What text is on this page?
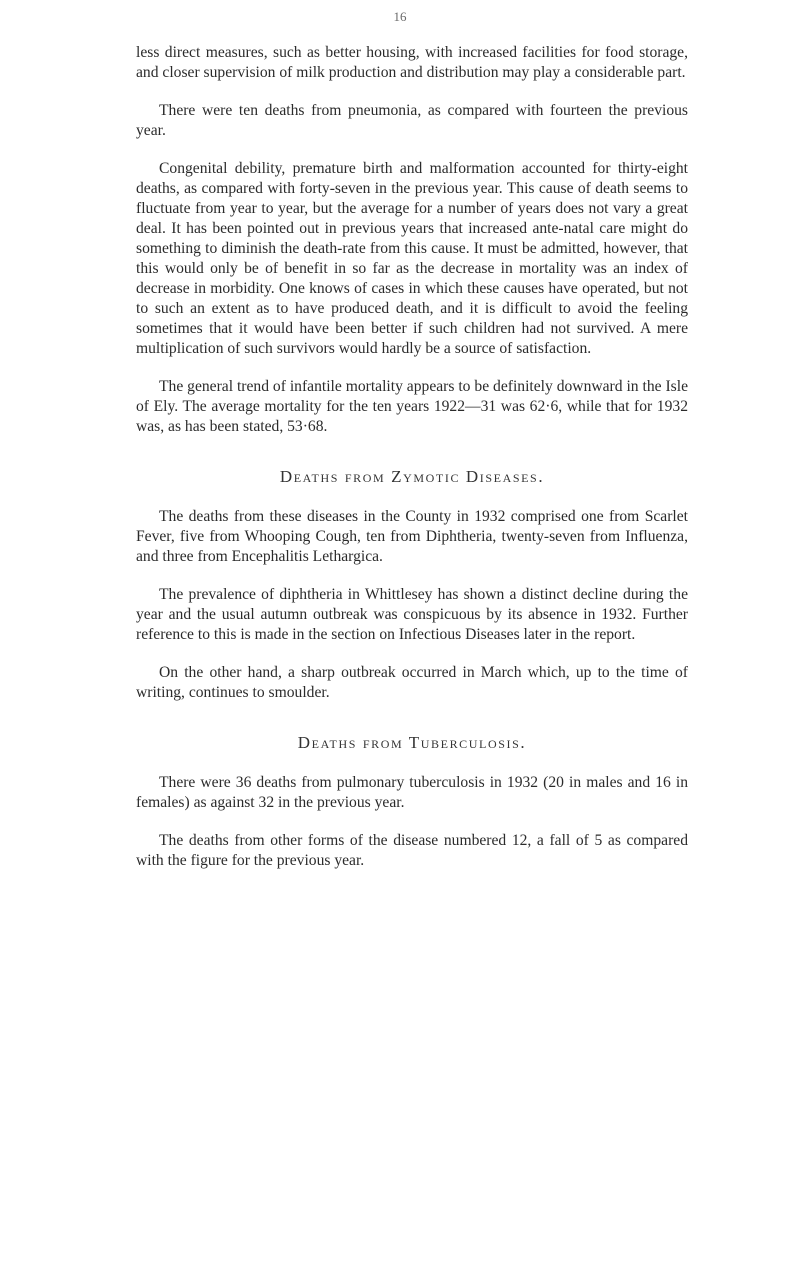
16

less direct measures, such as better housing, with increased facilities for food storage, and closer supervision of milk production and distribution may play a considerable part.

There were ten deaths from pneumonia, as compared with fourteen the previous year.

Congenital debility, premature birth and malformation accounted for thirty-eight deaths, as compared with forty-seven in the previous year. This cause of death seems to fluctuate from year to year, but the average for a number of years does not vary a great deal. It has been pointed out in previous years that increased ante-natal care might do something to diminish the death-rate from this cause. It must be admitted, however, that this would only be of benefit in so far as the decrease in mortality was an index of decrease in morbidity. One knows of cases in which these causes have operated, but not to such an extent as to have produced death, and it is difficult to avoid the feeling sometimes that it would have been better if such children had not survived. A mere multiplication of such survivors would hardly be a source of satisfaction.

The general trend of infantile mortality appears to be definitely downward in the Isle of Ely. The average mortality for the ten years 1922—31 was 62·6, while that for 1932 was, as has been stated, 53·68.

Deaths from Zymotic Diseases.

The deaths from these diseases in the County in 1932 comprised one from Scarlet Fever, five from Whooping Cough, ten from Diphtheria, twenty-seven from Influenza, and three from Encephalitis Lethargica.

The prevalence of diphtheria in Whittlesey has shown a distinct decline during the year and the usual autumn outbreak was conspicuous by its absence in 1932. Further reference to this is made in the section on Infectious Diseases later in the report.

On the other hand, a sharp outbreak occurred in March which, up to the time of writing, continues to smoulder.

Deaths from Tuberculosis.

There were 36 deaths from pulmonary tuberculosis in 1932 (20 in males and 16 in females) as against 32 in the previous year.

The deaths from other forms of the disease numbered 12, a fall of 5 as compared with the figure for the previous year.
